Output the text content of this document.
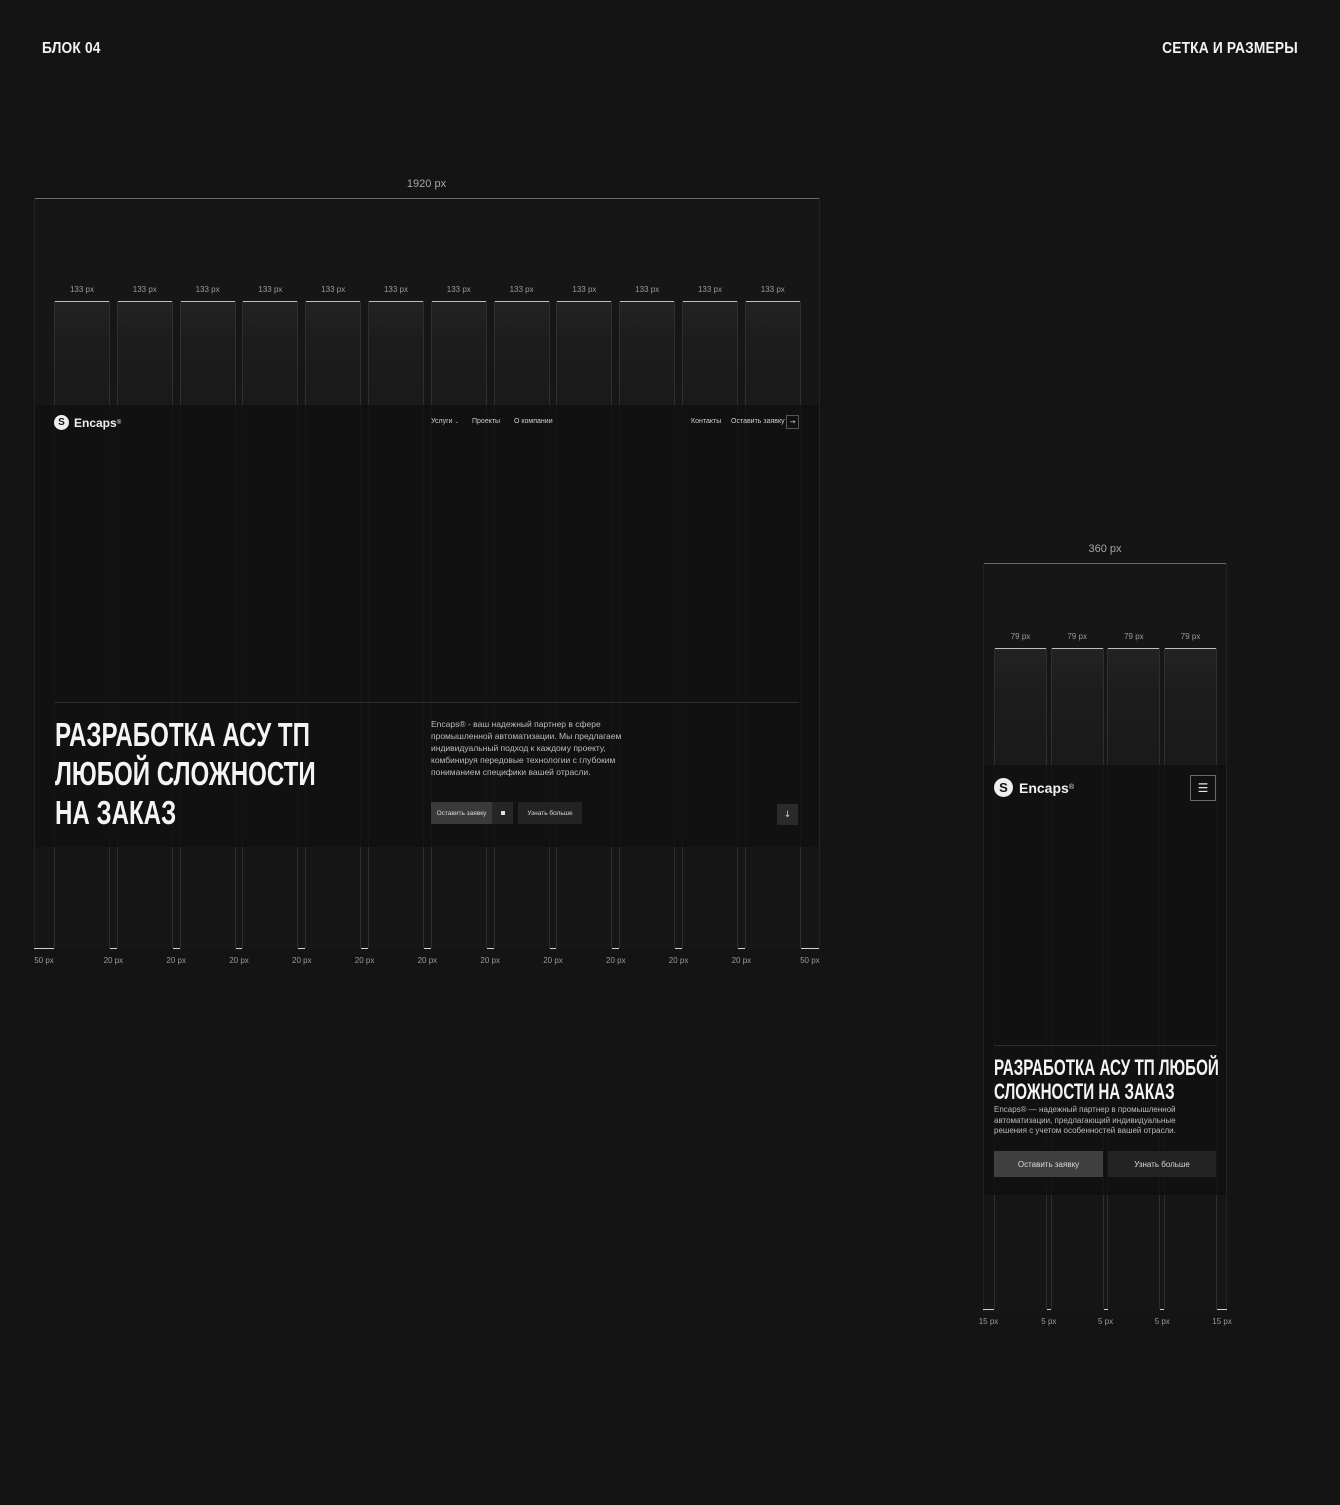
БЛОК 04	СЕТКА И РАЗМЕРЫ
1920 px
133 px	133 px	133 px	133 px	133 px	133 px	133 px	133 px	133 px	133 px	133 px	133 px
50 px	20 px	20 px	20 px	20 px	20 px	20 px	20 px	20 px	20 px	20 px	20 px	50 px
S Encaps ®	Услуги ⌄ Проекты О компании	Контакты Оставить заявку →
РАЗРАБОТКА АСУ ТП
ЛЮБОЙ СЛОЖНОСТИ
НА ЗАКАЗ
Encaps® - ваш надежный партнер в сфере
промышленной автоматизации. Мы предлагаем
индивидуальный подход к каждому проекту,
комбинируя передовые технологии с глубоким
пониманием специфики вашей отрасли.
Оставить заявку	Узнать больше	↓
360 px
79 px	79 px	79 px	79 px
15 px	5 px	5 px	5 px	15 px
S Encaps ®	☰
РАЗРАБОТКА АСУ ТП ЛЮБОЙ
СЛОЖНОСТИ НА ЗАКАЗ
Encaps® — надежный партнер в промышленной
автоматизации, предлагающий индивидуальные
решения с учетом особенностей вашей отрасли.
Оставить заявку	Узнать больше
